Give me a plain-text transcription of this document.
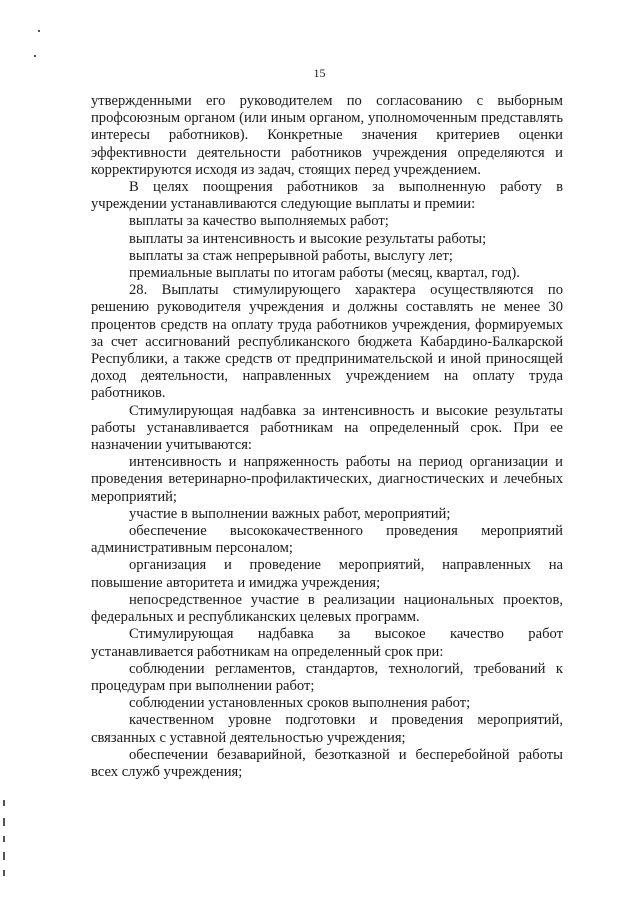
15

утвержденными его руководителем по согласованию с выборным профсоюзным органом (или иным органом, уполномоченным представлять интересы работников). Конкретные значения критериев оценки эффективности деятельности работников учреждения определяются и корректируются исходя из задач, стоящих перед учреждением.

В целях поощрения работников за выполненную работу в учреждении устанавливаются следующие выплаты и премии:

выплаты за качество выполняемых работ;

выплаты за интенсивность и высокие результаты работы;

выплаты за стаж непрерывной работы, выслугу лет;

премиальные выплаты по итогам работы (месяц, квартал, год).

28. Выплаты стимулирующего характера осуществляются по решению руководителя учреждения и должны составлять не менее 30 процентов средств на оплату труда работников учреждения, формируемых за счет ассигнований республиканского бюджета Кабардино-Балкарской Республики, а также средств от предпринимательской и иной приносящей доход деятельности, направленных учреждением на оплату труда работников.

Стимулирующая надбавка за интенсивность и высокие результаты работы устанавливается работникам на определенный срок. При ее назначении учитываются:

интенсивность и напряженность работы на период организации и проведения ветеринарно-профилактических, диагностических и лечебных мероприятий;

участие в выполнении важных работ, мероприятий;

обеспечение высококачественного проведения мероприятий административным персоналом;

организация и проведение мероприятий, направленных на повышение авторитета и имиджа учреждения;

непосредственное участие в реализации национальных проектов, федеральных и республиканских целевых программ.

Стимулирующая надбавка за высокое качество работ устанавливается работникам на определенный срок при:

соблюдении регламентов, стандартов, технологий, требований к процедурам при выполнении работ;

соблюдении установленных сроков выполнения работ;

качественном уровне подготовки и проведения мероприятий, связанных с уставной деятельностью учреждения;

обеспечении безаварийной, безотказной и бесперебойной работы всех служб учреждения;
